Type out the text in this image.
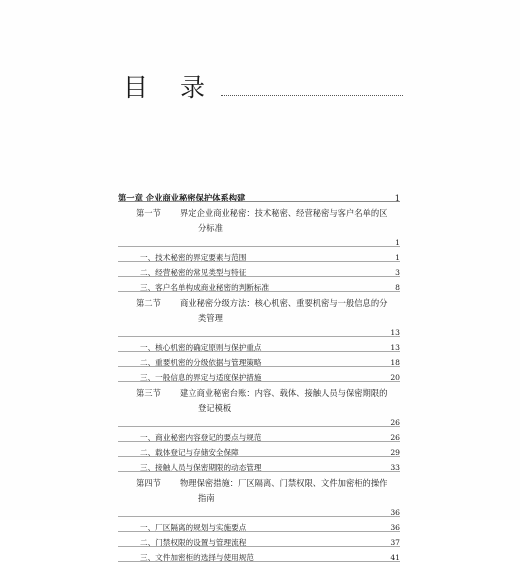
目 录
第一章 企业商业秘密保护体系构建	1
第一节	界定企业商业秘密：技术秘密、经营秘密与客户名单的区
分标准
1
一、技术秘密的界定要素与范围	1
二、经营秘密的常见类型与特征	3
三、客户名单构成商业秘密的判断标准	8
第二节	商业秘密分级方法：核心机密、重要机密与一般信息的分
类管理
13
一、核心机密的确定原则与保护重点	13
二、重要机密的分级依据与管理策略	18
三、一般信息的界定与适度保护措施	20
第三节	建立商业秘密台账：内容、载体、接触人员与保密期限的
登记模板
26
一、商业秘密内容登记的要点与规范	26
二、载体登记与存储安全保障	29
三、接触人员与保密期限的动态管理	33
第四节	物理保密措施：厂区隔离、门禁权限、文件加密柜的操作
指南
36
一、厂区隔离的规划与实施要点	36
二、门禁权限的设置与管理流程	37
三、文件加密柜的选择与使用规范	41
